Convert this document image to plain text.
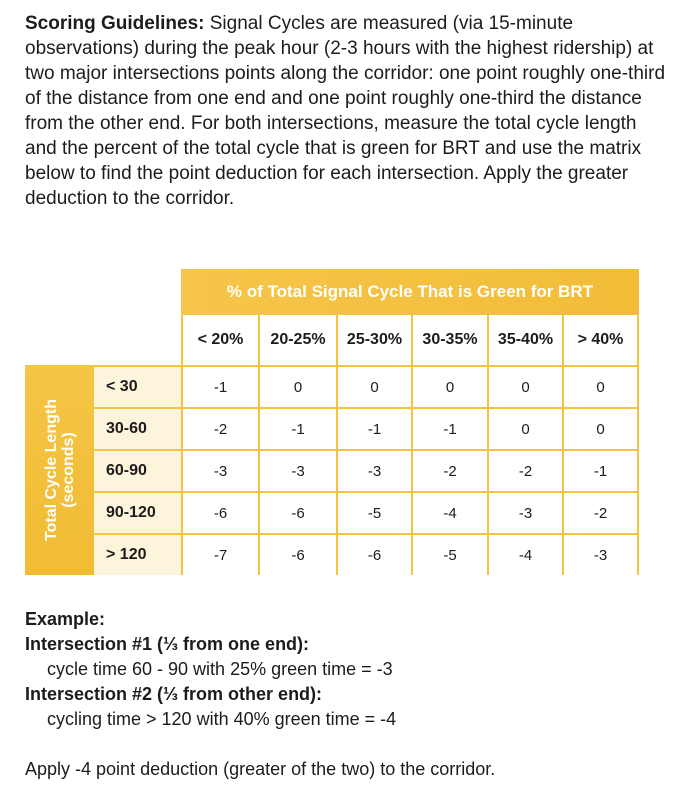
Scoring Guidelines: Signal Cycles are measured (via 15-minute observations) during the peak hour (2-3 hours with the highest ridership) at two major intersections points along the corridor: one point roughly one-third of the distance from one end and one point roughly one-third the distance from the other end. For both intersections, measure the total cycle length and the percent of the total cycle that is green for BRT and use the matrix below to find the point deduction for each intersection. Apply the greater deduction to the corridor.

% of Total Signal Cycle That is Green for BRT
Total Cycle Length (seconds)
< 20%	20-25%	25-30%	30-35%	35-40%	> 40%
< 30	-1	0	0	0	0	0
30-60	-2	-1	-1	-1	0	0
60-90	-3	-3	-3	-2	-2	-1
90-120	-6	-6	-5	-4	-3	-2
> 120	-7	-6	-6	-5	-4	-3
Example:
Intersection #1 (⅓ from one end):
cycle time 60 - 90 with 25% green time = -3
Intersection #2 (⅓ from other end):
cycling time > 120 with 40% green time = -4
Apply -4 point deduction (greater of the two) to the corridor.
